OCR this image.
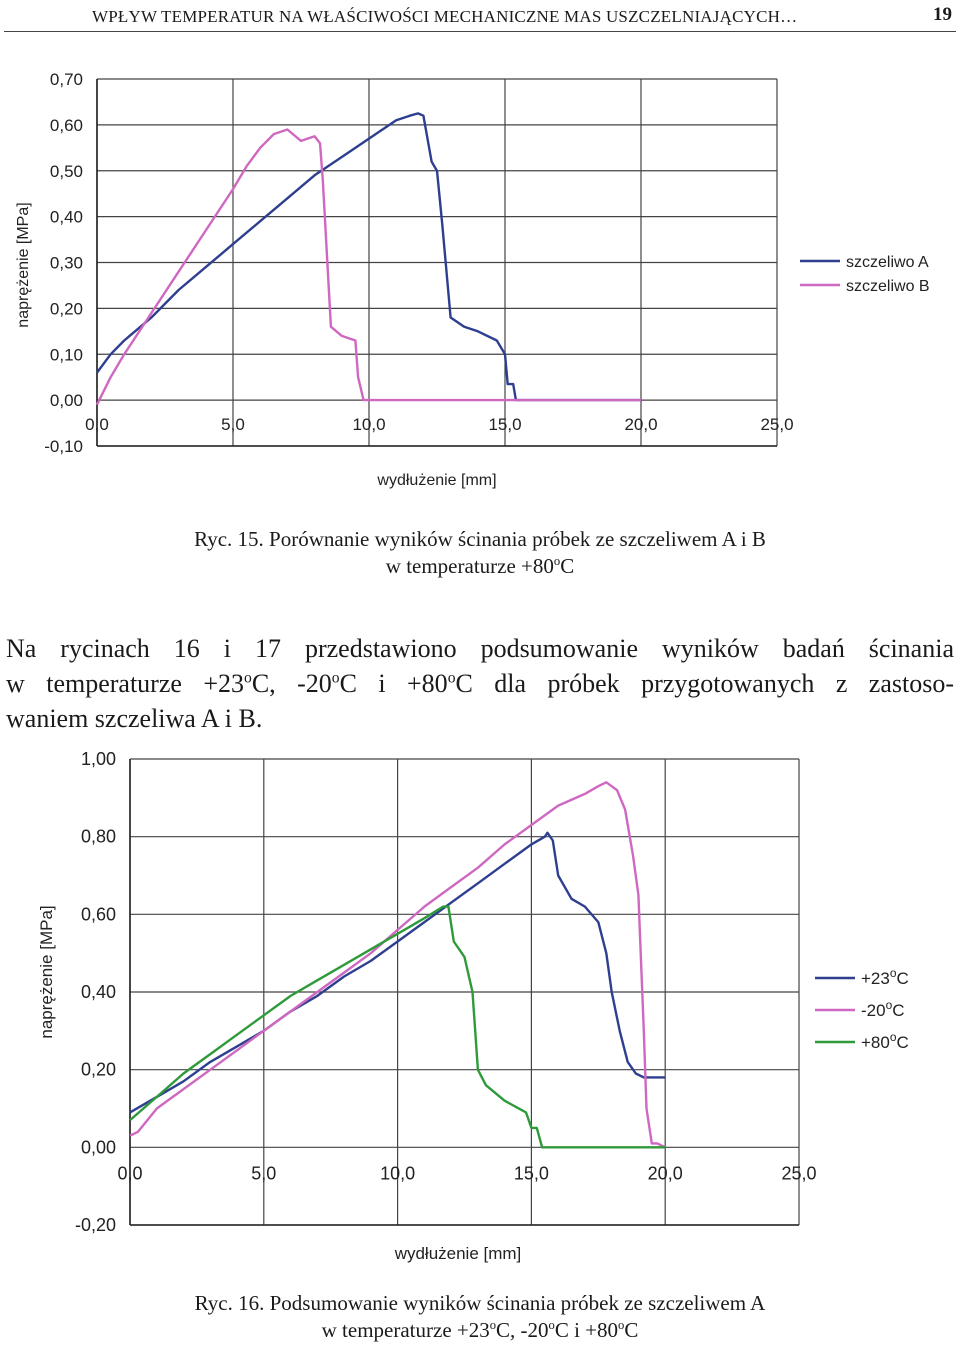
WPŁYW TEMPERATUR NA WŁAŚCIWOŚCI MECHANICZNE MAS USZCZELNIAJĄCYCH…	19
-0,10
0,00
0,10
0,20
0,30
0,40
0,50
0,60
0,70
0,0	5,0	10,0	15,0	20,0	25,0
szczeliwo A
szczeliwo B
wydłużenie [mm]
naprężenie [MPa]
Ryc. 15. Porównanie wyników ścinania próbek ze szczeliwem A i B
w temperaturze $+80^oC$
Na rycinach 16 i 17 przedstawiono podsumowanie wyników badań ścinania
w temperaturze $+23^oC$, -20$^o$C $i +80^oC$ dla próbek przygotowanych z zastoso-
waniem szczeliwa A i B.
-0,20
0,00
0,20
0,40
0,60
0,80
1,00
0,0	5,0	10,0	15,0	20,0	25,0
$+23^oC$
$-20^oC$
$+80^oC$
wydłużenie [mm]
naprężenie [MPa]
Ryc. 16. Podsumowanie wyników ścinania próbek ze szczeliwem A
w temperaturze $+23^oC$, -20$^o$C $i +80^oC$
